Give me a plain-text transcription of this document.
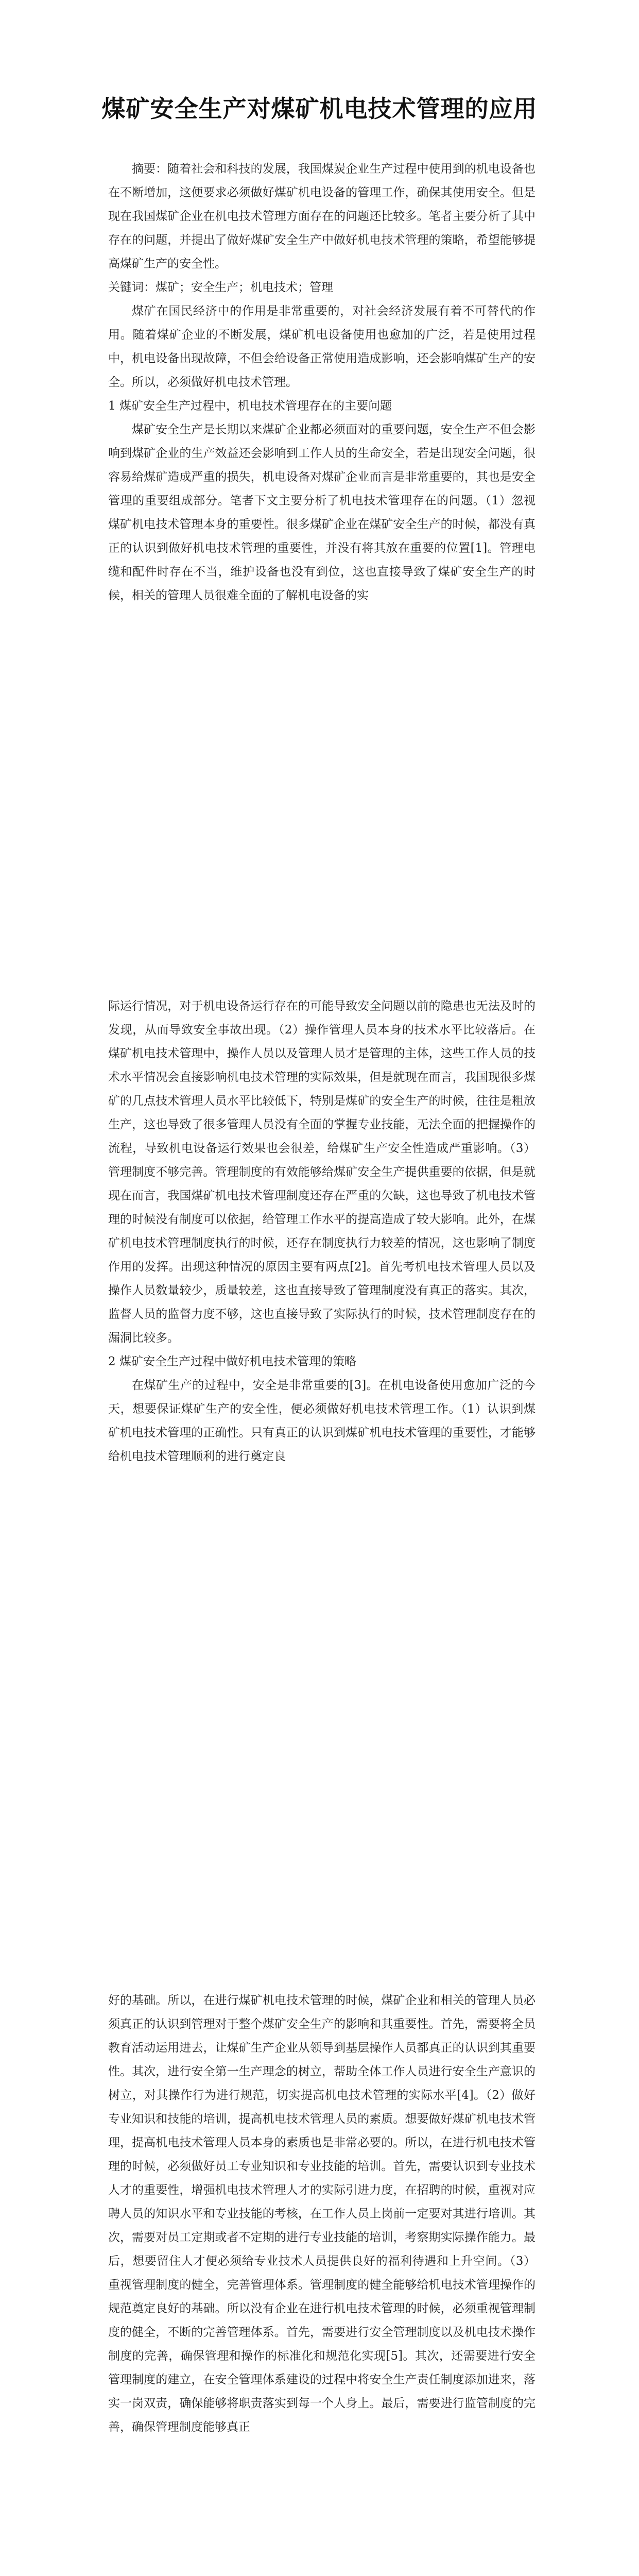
煤矿安全生产对煤矿机电技术管理的应用

摘要：随着社会和科技的发展，我国煤炭企业生产过程中使用到的机电设备也在不断增加，这便要求必须做好煤矿机电设备的管理工作，确保其使用安全。但是现在我国煤矿企业在机电技术管理方面存在的问题还比较多。笔者主要分析了其中存在的问题，并提出了做好煤矿安全生产中做好机电技术管理的策略，希望能够提高煤矿生产的安全性。

关键词：煤矿；安全生产；机电技术；管理

煤矿在国民经济中的作用是非常重要的，对社会经济发展有着不可替代的作用。随着煤矿企业的不断发展，煤矿机电设备使用也愈加的广泛，若是使用过程中，机电设备出现故障，不但会给设备正常使用造成影响，还会影响煤矿生产的安全。所以，必须做好机电技术管理。

1 煤矿安全生产过程中，机电技术管理存在的主要问题

煤矿安全生产是长期以来煤矿企业都必须面对的重要问题，安全生产不但会影响到煤矿企业的生产效益还会影响到工作人员的生命安全，若是出现安全问题，很容易给煤矿造成严重的损失，机电设备对煤矿企业而言是非常重要的，其也是安全管理的重要组成部分。笔者下文主要分析了机电技术管理存在的问题。（1）忽视煤矿机电技术管理本身的重要性。很多煤矿企业在煤矿安全生产的时候，都没有真正的认识到做好机电技术管理的重要性，并没有将其放在重要的位置[1]。管理电缆和配件时存在不当，维护设备也没有到位，这也直接导致了煤矿安全生产的时候，相关的管理人员很难全面的了解机电设备的实

际运行情况，对于机电设备运行存在的可能导致安全问题以前的隐患也无法及时的发现，从而导致安全事故出现。（2）操作管理人员本身的技术水平比较落后。在煤矿机电技术管理中，操作人员以及管理人员才是管理的主体，这些工作人员的技术水平情况会直接影响机电技术管理的实际效果，但是就现在而言，我国现很多煤矿的几点技术管理人员水平比较低下，特别是煤矿的安全生产的时候，往往是粗放生产，这也导致了很多管理人员没有全面的掌握专业技能，无法全面的把握操作的流程，导致机电设备运行效果也会很差，给煤矿生产安全性造成严重影响。（3）管理制度不够完善。管理制度的有效能够给煤矿安全生产提供重要的依据，但是就现在而言，我国煤矿机电技术管理制度还存在严重的欠缺，这也导致了机电技术管理的时候没有制度可以依据，给管理工作水平的提高造成了较大影响。此外，在煤矿机电技术管理制度执行的时候，还存在制度执行力较差的情况，这也影响了制度作用的发挥。出现这种情况的原因主要有两点[2]。首先考机电技术管理人员以及操作人员数量较少，质量较差，这也直接导致了管理制度没有真正的落实。其次，监督人员的监督力度不够，这也直接导致了实际执行的时候，技术管理制度存在的漏洞比较多。

2 煤矿安全生产过程中做好机电技术管理的策略

在煤矿生产的过程中，安全是非常重要的[3]。在机电设备使用愈加广泛的今天，想要保证煤矿生产的安全性，便必须做好机电技术管理工作。（1）认识到煤矿机电技术管理的正确性。只有真正的认识到煤矿机电技术管理的重要性，才能够给机电技术管理顺利的进行奠定良

好的基础。所以，在进行煤矿机电技术管理的时候，煤矿企业和相关的管理人员必须真正的认识到管理对于整个煤矿安全生产的影响和其重要性。首先，需要将全员教育活动运用进去，让煤矿生产企业从领导到基层操作人员都真正的认识到其重要性。其次，进行安全第一生产理念的树立，帮助全体工作人员进行安全生产意识的树立，对其操作行为进行规范，切实提高机电技术管理的实际水平[4]。（2）做好专业知识和技能的培训，提高机电技术管理人员的素质。想要做好煤矿机电技术管理，提高机电技术管理人员本身的素质也是非常必要的。所以，在进行机电技术管理的时候，必须做好员工专业知识和专业技能的培训。首先，需要认识到专业技术人才的重要性，增强机电技术管理人才的实际引进力度，在招聘的时候，重视对应聘人员的知识水平和专业技能的考核，在工作人员上岗前一定要对其进行培训。其次，需要对员工定期或者不定期的进行专业技能的培训，考察期实际操作能力。最后，想要留住人才便必须给专业技术人员提供良好的福利待遇和上升空间。（3）重视管理制度的健全，完善管理体系。管理制度的健全能够给机电技术管理操作的规范奠定良好的基础。所以没有企业在进行机电技术管理的时候，必须重视管理制度的健全，不断的完善管理体系。首先，需要进行安全管理制度以及机电技术操作制度的完善，确保管理和操作的标准化和规范化实现[5]。其次，还需要进行安全管理制度的建立，在安全管理体系建设的过程中将安全生产责任制度添加进来，落实一岗双责，确保能够将职责落实到每一个人身上。最后，需要进行监管制度的完善，确保管理制度能够真正
